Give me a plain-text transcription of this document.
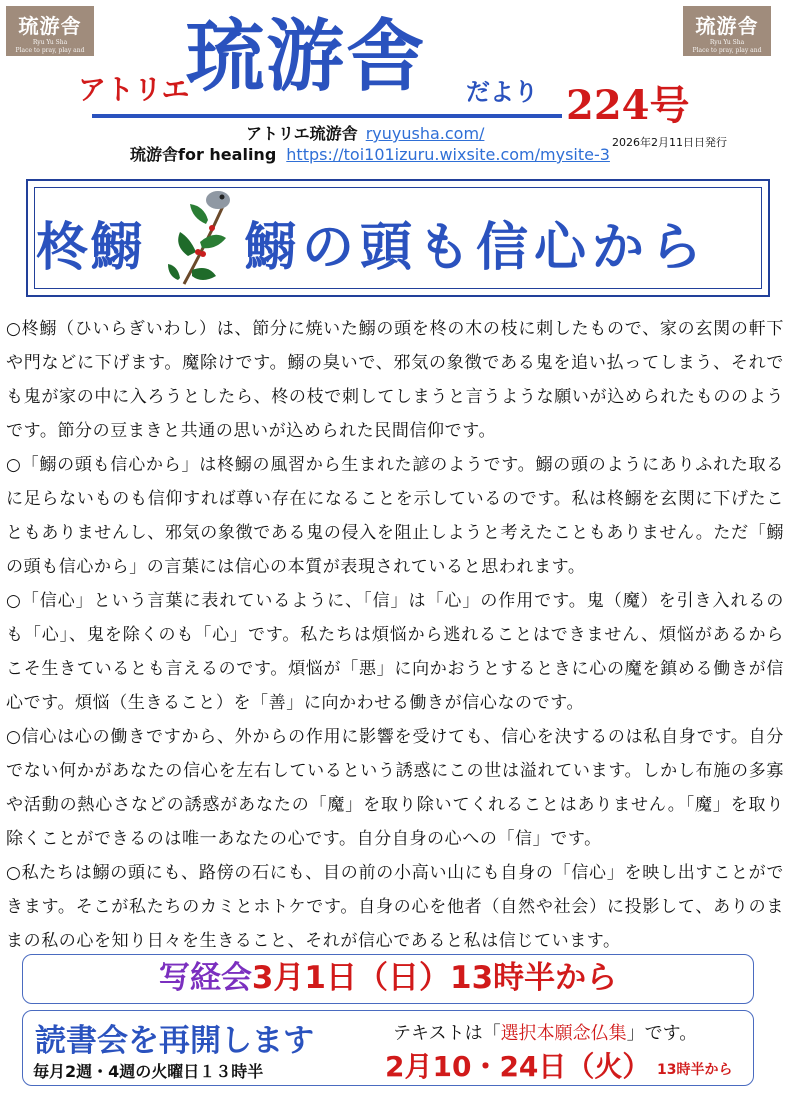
琉游舎
Ryu Yu Sha
Place to pray, play and progress
琉游舎
Ryu Yu Sha
Place to pray, play and progress
アトリエ
琉游舎 だより 224号
アトリエ琉游舎 ryuyusha.com/
琉游舎for healing https://toi101izuru.wixsite.com/mysite-3
2026年2月11日日発行
柊鰯 鰯の頭も信心から

○柊鰯（ひいらぎいわし）は、節分に焼いた鰯の頭を柊の木の枝に刺したもので、家の玄関の軒下や門などに下げます。魔除けです。鰯の臭いで、邪気の象徴である鬼を追い払ってしまう、それでも鬼が家の中に入ろうとしたら、柊の枝で刺してしまうと言うような願いが込められたもののようです。節分の豆まきと共通の思いが込められた民間信仰です。

○「鰯の頭も信心から」は柊鰯の風習から生まれた諺のようです。鰯の頭のようにありふれた取るに足らないものも信仰すれば尊い存在になることを示しているのです。私は柊鰯を玄関に下げたこともありませんし、邪気の象徴である鬼の侵入を阻止しようと考えたこともありません。ただ「鰯の頭も信心から」の言葉には信心の本質が表現されていると思われます。

○「信心」という言葉に表れているように、「信」は「心」の作用です。鬼（魔）を引き入れるのも「心」、鬼を除くのも「心」です。私たちは煩悩から逃れることはできません、煩悩があるからこそ生きているとも言えるのです。煩悩が「悪」に向かおうとするときに心の魔を鎮める働きが信心です。煩悩（生きること）を「善」に向かわせる働きが信心なのです。

○信心は心の働きですから、外からの作用に影響を受けても、信心を決するのは私自身です。自分でない何かがあなたの信心を左右しているという誘惑にこの世は溢れています。しかし布施の多寡や活動の熱心さなどの誘惑があなたの「魔」を取り除いてくれることはありません。「魔」を取り除くことができるのは唯一あなたの心です。自分自身の心への「信」です。

○私たちは鰯の頭にも、路傍の石にも、目の前の小高い山にも自身の「信心」を映し出すことができます。そこが私たちのカミとホトケです。自身の心を他者（自然や社会）に投影して、ありのままの私の心を知り日々を生きること、それが信心であると私は信じています。

写経会3月1日（日）13時半から
読書会を再開します
毎月2週・4週の火曜日１３時半
テキストは「選択本願念仏集」です。
2月10・24日（火） 13時半から
